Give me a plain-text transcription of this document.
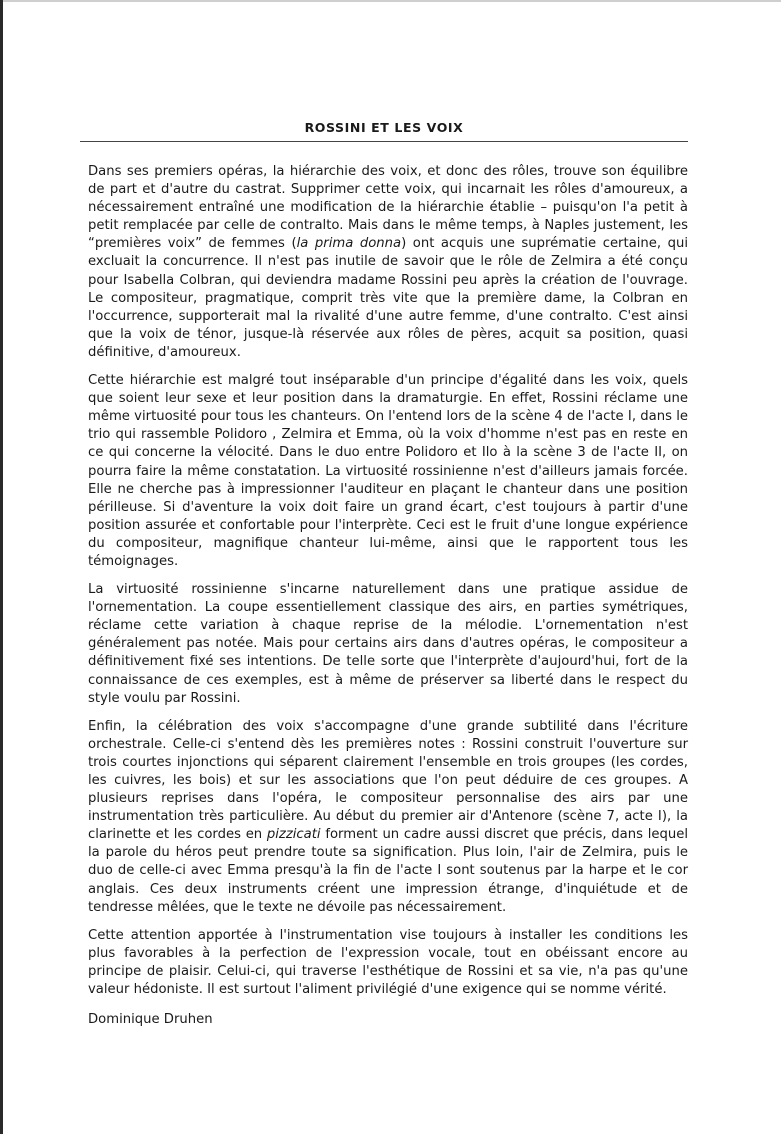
ROSSINI ET LES VOIX

Dans ses premiers opéras, la hiérarchie des voix, et donc des rôles, trouve son équilibre de part et d'autre du castrat. Supprimer cette voix, qui incarnait les rôles d'amoureux, a nécessairement entraîné une modification de la hiérarchie établie – puisqu'on l'a petit à petit remplacée par celle de contralto. Mais dans le même temps, à Naples justement, les “premières voix” de femmes (la prima donna) ont acquis une suprématie certaine, qui excluait la concurrence. Il n'est pas inutile de savoir que le rôle de Zelmira a été conçu pour Isabella Colbran, qui deviendra madame Rossini peu après la création de l'ouvrage. Le compositeur, pragmatique, comprit très vite que la première dame, la Colbran en l'occurrence, supporterait mal la rivalité d'une autre femme, d'une contralto. C'est ainsi que la voix de ténor, jusque-là réservée aux rôles de pères, acquit sa position, quasi définitive, d'amoureux.

Cette hiérarchie est malgré tout inséparable d'un principe d'égalité dans les voix, quels que soient leur sexe et leur position dans la dramaturgie. En effet, Rossini réclame une même virtuosité pour tous les chanteurs. On l'entend lors de la scène 4 de l'acte I, dans le trio qui rassemble Polidoro , Zelmira et Emma, où la voix d'homme n'est pas en reste en ce qui concerne la vélocité. Dans le duo entre Polidoro et Ilo à la scène 3 de l'acte II, on pourra faire la même constatation. La virtuosité rossinienne n'est d'ailleurs jamais forcée. Elle ne cherche pas à impressionner l'auditeur en plaçant le chanteur dans une position périlleuse. Si d'aventure la voix doit faire un grand écart, c'est toujours à partir d'une position assurée et confortable pour l'interprète. Ceci est le fruit d'une longue expérience du compositeur, magnifique chanteur lui-même, ainsi que le rapportent tous les témoignages.

La virtuosité rossinienne s'incarne naturellement dans une pratique assidue de l'ornementation. La coupe essentiellement classique des airs, en parties symétriques, réclame cette variation à chaque reprise de la mélodie. L'ornementation n'est généralement pas notée. Mais pour certains airs dans d'autres opéras, le compositeur a définitivement fixé ses intentions. De telle sorte que l'interprète d'aujourd'hui, fort de la connaissance de ces exemples, est à même de préserver sa liberté dans le respect du style voulu par Rossini.

Enfin, la célébration des voix s'accompagne d'une grande subtilité dans l'écriture orchestrale. Celle-ci s'entend dès les premières notes : Rossini construit l'ouverture sur trois courtes injonctions qui séparent clairement l'ensemble en trois groupes (les cordes, les cuivres, les bois) et sur les associations que l'on peut déduire de ces groupes. A plusieurs reprises dans l'opéra, le compositeur personnalise des airs par une instrumentation très particulière. Au début du premier air d'Antenore (scène 7, acte I), la clarinette et les cordes en pizzicati forment un cadre aussi discret que précis, dans lequel la parole du héros peut prendre toute sa signification. Plus loin, l'air de Zelmira, puis le duo de celle-ci avec Emma presqu'à la fin de l'acte I sont soutenus par la harpe et le cor anglais. Ces deux instruments créent une impression étrange, d'inquiétude et de tendresse mêlées, que le texte ne dévoile pas nécessairement.

Cette attention apportée à l'instrumentation vise toujours à installer les conditions les plus favorables à la perfection de l'expression vocale, tout en obéissant encore au principe de plaisir. Celui-ci, qui traverse l'esthétique de Rossini et sa vie, n'a pas qu'une valeur hédoniste. Il est surtout l'aliment privilégié d'une exigence qui se nomme vérité.

Dominique Druhen
